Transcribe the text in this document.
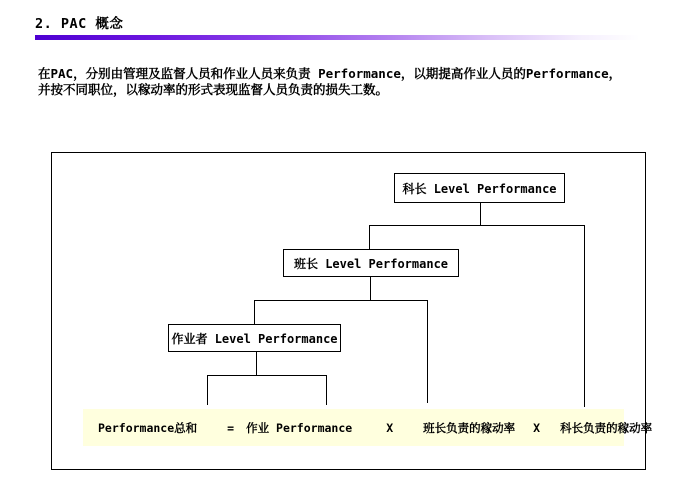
2. PAC 概念

在PAC，分别由管理及监督人员和作业人员来负责 Performance，以期提高作业人员的Performance，

并按不同职位，以稼动率的形式表现监督人员负责的损失工数。

科长 Level Performance
班长 Level Performance
作业者 Level Performance
Performance总和	= 作业 Performance	X	班长负责的稼动率 X 科长负责的稼动率
